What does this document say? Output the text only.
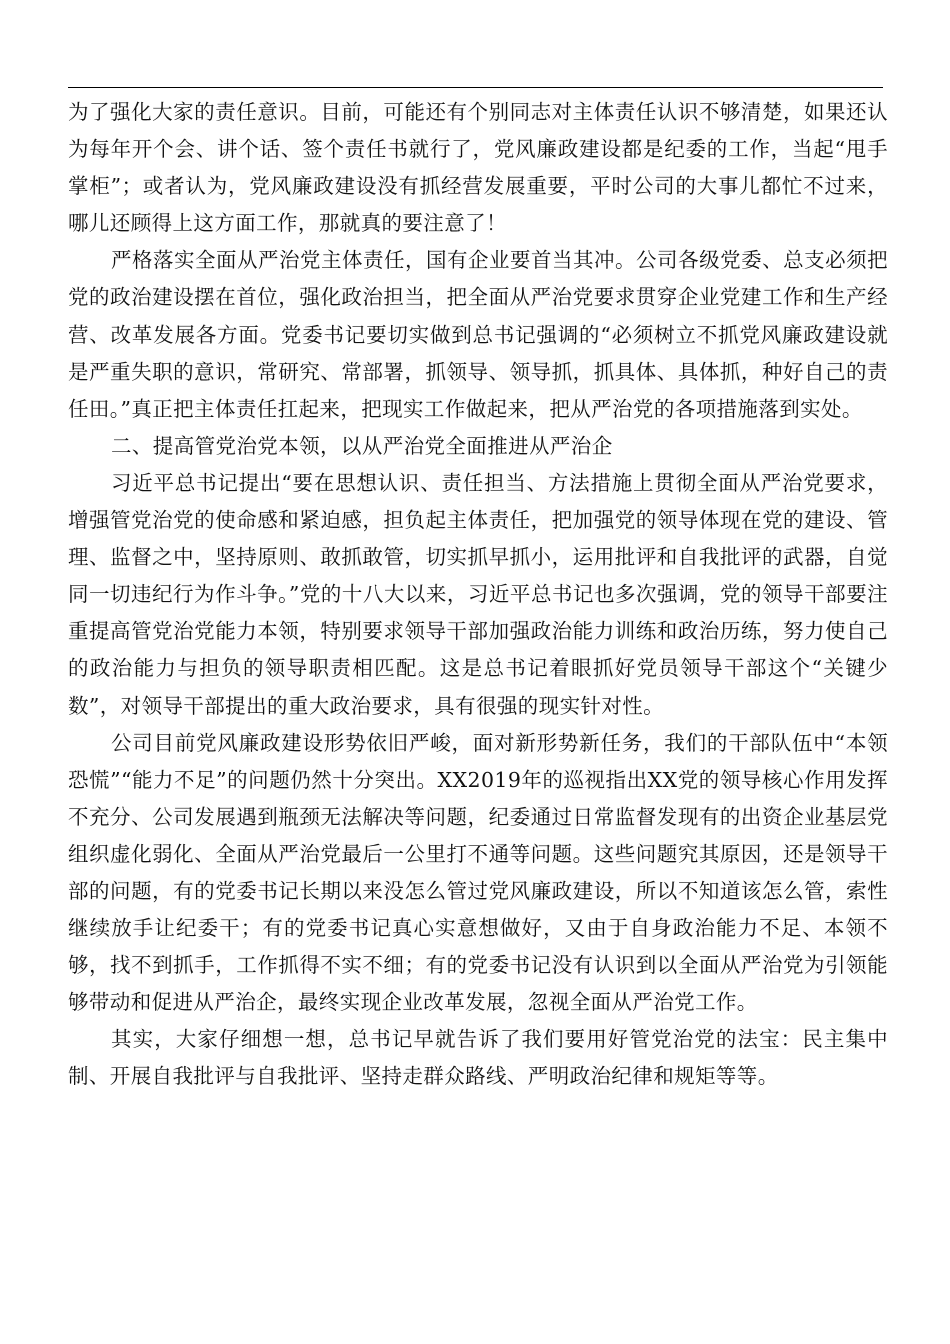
为了强化大家的责任意识。目前，可能还有个别同志对主体责任认识不够清楚，如果还认为每年开个会、讲个话、签个责任书就行了，党风廉政建设都是纪委的工作，当起“甩手掌柜”；或者认为，党风廉政建设没有抓经营发展重要，平时公司的大事儿都忙不过来，哪儿还顾得上这方面工作，那就真的要注意了！

严格落实全面从严治党主体责任，国有企业要首当其冲。公司各级党委、总支必须把党的政治建设摆在首位，强化政治担当，把全面从严治党要求贯穿企业党建工作和生产经营、改革发展各方面。党委书记要切实做到总书记强调的“必须树立不抓党风廉政建设就是严重失职的意识，常研究、常部署，抓领导、领导抓，抓具体、具体抓，种好自己的责任田。”真正把主体责任扛起来，把现实工作做起来，把从严治党的各项措施落到实处。

二、提高管党治党本领，以从严治党全面推进从严治企

习近平总书记提出“要在思想认识、责任担当、方法措施上贯彻全面从严治党要求，增强管党治党的使命感和紧迫感，担负起主体责任，把加强党的领导体现在党的建设、管理、监督之中，坚持原则、敢抓敢管，切实抓早抓小，运用批评和自我批评的武器，自觉同一切违纪行为作斗争。”党的十八大以来，习近平总书记也多次强调，党的领导干部要注重提高管党治党能力本领，特别要求领导干部加强政治能力训练和政治历练，努力使自己的政治能力与担负的领导职责相匹配。这是总书记着眼抓好党员领导干部这个“关键少数”，对领导干部提出的重大政治要求，具有很强的现实针对性。

公司目前党风廉政建设形势依旧严峻，面对新形势新任务，我们的干部队伍中“本领恐慌”“能力不足”的问题仍然十分突出。XX2019年的巡视指出XX党的领导核心作用发挥不充分、公司发展遇到瓶颈无法解决等问题，纪委通过日常监督发现有的出资企业基层党组织虚化弱化、全面从严治党最后一公里打不通等问题。这些问题究其原因，还是领导干部的问题，有的党委书记长期以来没怎么管过党风廉政建设，所以不知道该怎么管，索性继续放手让纪委干；有的党委书记真心实意想做好，又由于自身政治能力不足、本领不够，找不到抓手，工作抓得不实不细；有的党委书记没有认识到以全面从严治党为引领能够带动和促进从严治企，最终实现企业改革发展，忽视全面从严治党工作。

其实，大家仔细想一想，总书记早就告诉了我们要用好管党治党的法宝：民主集中制、开展自我批评与自我批评、坚持走群众路线、严明政治纪律和规矩等等。
